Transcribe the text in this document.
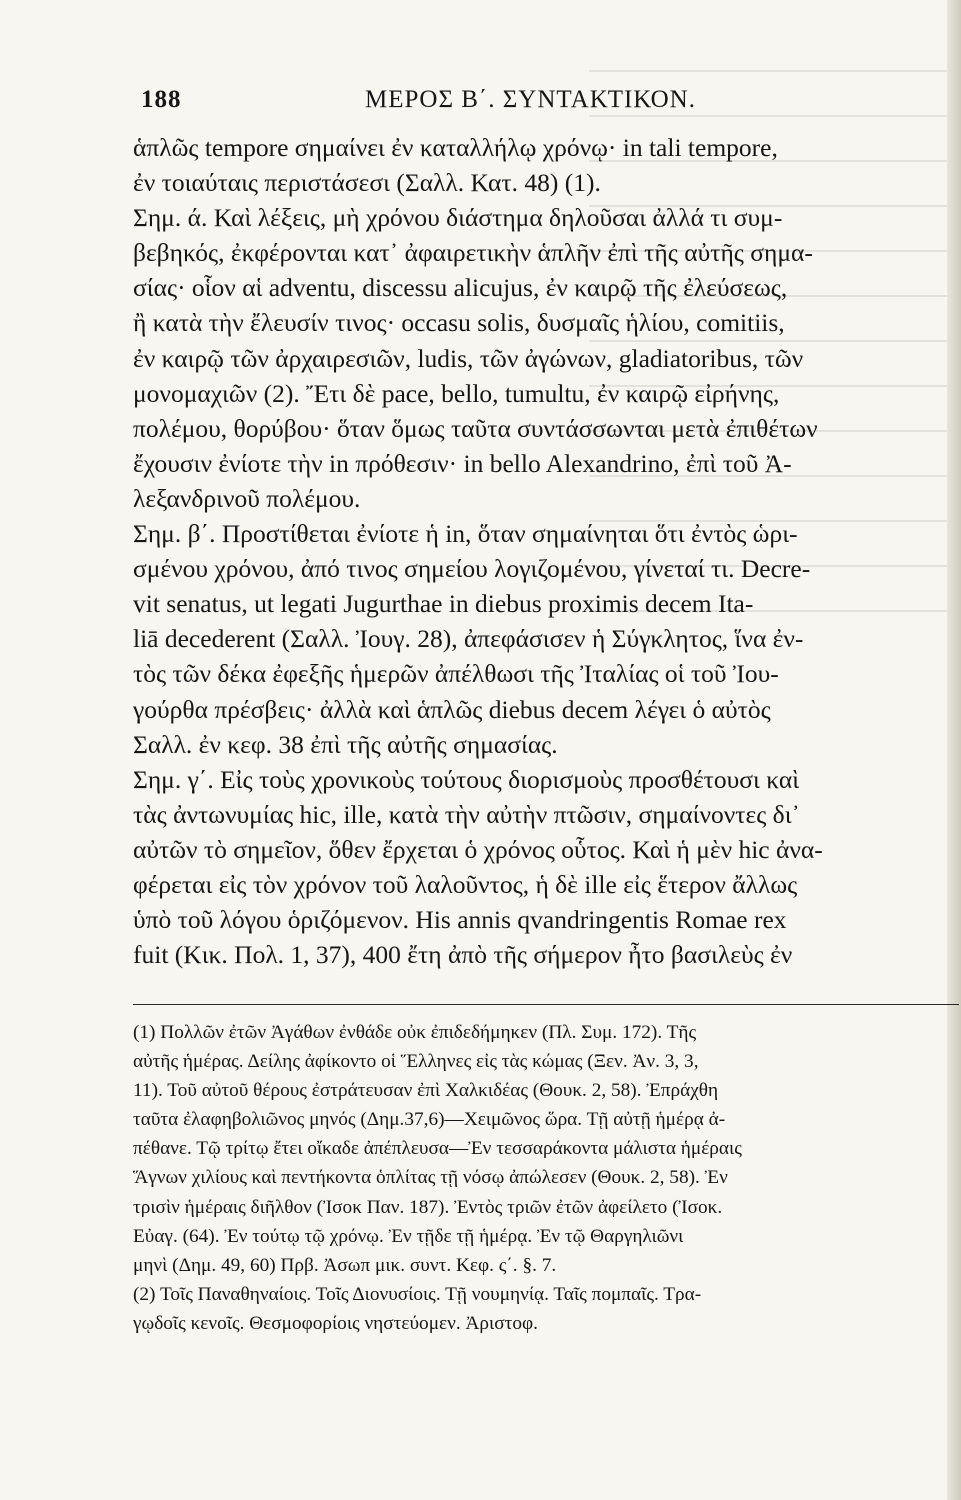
188	ΜΕΡΟΣ Β΄. ΣΥΝΤΑΚΤΙΚΟΝ.
ἁπλῶς tempore σημαίνει ἐν καταλλήλῳ χρόνῳ· in tali tempore,
ἐν τοιαύταις περιστάσεσι (Σαλλ. Κατ. 48) (1).
Σημ. ά. Καὶ λέξεις, μὴ χρόνου διάστημα δηλοῦσαι ἀλλά τι συμ-
βεβηκός, ἐκφέρονται κατ᾽ ἀφαιρετικὴν ἁπλῆν ἐπὶ τῆς αὐτῆς σημα-
σίας· οἷον αἱ adventu, discessu alicujus, ἐν καιρῷ τῆς ἐλεύσεως,
ἢ κατὰ τὴν ἔλευσίν τινος· occasu solis, δυσμαῖς ἡλίου, comitiis,
ἐν καιρῷ τῶν ἀρχαιρεσιῶν, ludis, τῶν ἀγώνων, gladiatoribus, τῶν
μονομαχιῶν (2). Ἔτι δὲ pace, bello, tumultu, ἐν καιρῷ εἰρήνης,
πολέμου, θορύβου· ὅταν ὅμως ταῦτα συντάσσωνται μετὰ ἐπιθέτων
ἔχουσιν ἐνίοτε τὴν in πρόθεσιν· in bello Alexandrino, ἐπὶ τοῦ Ἀ-
λεξανδρινοῦ πολέμου.
Σημ. β΄. Προστίθεται ἐνίοτε ἡ in, ὅταν σημαίνηται ὅτι ἐντὸς ὡρι-
σμένου χρόνου, ἀπό τινος σημείου λογιζομένου, γίνεταί τι. Decre-
vit senatus, ut legati Jugurthae in diebus proximis decem Ita-
liā decederent (Σαλλ. Ἰουγ. 28), ἀπεφάσισεν ἡ Σύγκλητος, ἵνα ἐν-
τὸς τῶν δέκα ἐφεξῆς ἡμερῶν ἀπέλθωσι τῆς Ἰταλίας οἱ τοῦ Ἰου-
γούρθα πρέσβεις· ἀλλὰ καὶ ἁπλῶς diebus decem λέγει ὁ αὐτὸς
Σαλλ. ἐν κεφ. 38 ἐπὶ τῆς αὐτῆς σημασίας.
Σημ. γ΄. Εἰς τοὺς χρονικοὺς τούτους διορισμοὺς προσθέτουσι καὶ
τὰς ἀντωνυμίας hic, ille, κατὰ τὴν αὐτὴν πτῶσιν, σημαίνοντες δι᾽
αὐτῶν τὸ σημεῖον, ὅθεν ἔρχεται ὁ χρόνος οὗτος. Καὶ ἡ μὲν hic ἀνα-
φέρεται εἰς τὸν χρόνον τοῦ λαλοῦντος, ἡ δὲ ille εἰς ἕτερον ἄλλως
ὑπὸ τοῦ λόγου ὁριζόμενον. His annis qvandringentis Romae rex
fuit (Κικ. Πολ. 1, 37), 400 ἔτη ἀπὸ τῆς σήμερον ἦτο βασιλεὺς ἐν
(1) Πολλῶν ἐτῶν Ἀγάθων ἐνθάδε οὐκ ἐπιδεδήμηκεν (Πλ. Συμ. 172). Τῆς
αὐτῆς ἡμέρας. Δείλης ἀφίκοντο οἱ Ἕλληνες εἰς τὰς κώμας (Ξεν. Ἀν. 3, 3,
11). Τοῦ αὐτοῦ θέρους ἐστράτευσαν ἐπὶ Χαλκιδέας (Θουκ. 2, 58). Ἐπράχθη
ταῦτα ἐλαφηβολιῶνος μηνός (Δημ.37,6)—Χειμῶνος ὥρα. Τῇ αὐτῇ ἡμέρᾳ ἀ-
πέθανε. Τῷ τρίτῳ ἔτει οἴκαδε ἀπέπλευσα—Ἐν τεσσαράκοντα μάλιστα ἡμέραις
Ἅγνων χιλίους καὶ πεντήκοντα ὁπλίτας τῇ νόσῳ ἀπώλεσεν (Θουκ. 2, 58). Ἐν
τρισὶν ἡμέραις διῆλθον (Ἰσοκ Παν. 187). Ἐντὸς τριῶν ἐτῶν ἀφείλετο (Ἰσοκ.
Εὐαγ. (64). Ἐν τούτῳ τῷ χρόνῳ. Ἐν τῇδε τῇ ἡμέρᾳ. Ἐν τῷ Θαργηλιῶνι
μηνὶ (Δημ. 49, 60) Πρβ. Ἀσωπ μικ. συντ. Κεφ. ς΄. §. 7.
(2) Τοῖς Παναθηναίοις. Τοῖς Διονυσίοις. Τῇ νουμηνίᾳ. Ταῖς πομπαῖς. Τρα-
γῳδοῖς κενοῖς. Θεσμοφορίοις νηστεύομεν. Ἀριστοφ.
